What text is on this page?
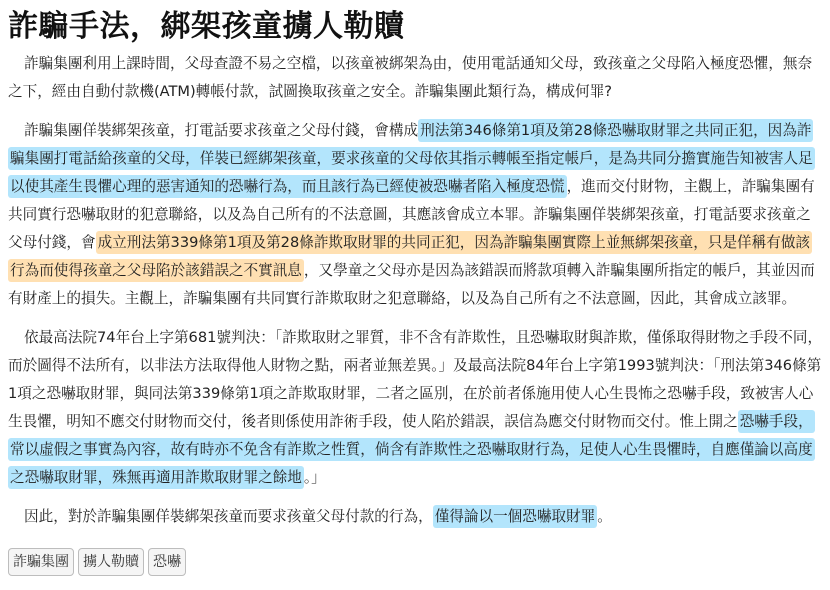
詐騙手法，綁架孩童擄人勒贖

詐騙集團利用上課時間，父母查證不易之空檔，以孩童被綁架為由，使用電話通知父母，致孩童之父母陷入極度恐懼，無奈之下，經由自動付款機(ATM)轉帳付款，試圖換取孩童之安全。詐騙集團此類行為，構成何罪?

詐騙集團佯裝綁架孩童，打電話要求孩童之父母付錢，會構成 刑法第346條第1項及第28條恐嚇取財罪之共同正犯，因為詐騙集團打電話給孩童的父母，佯裝已經綁架孩童，要求孩童的父母依其指示轉帳至指定帳戶，是為共同分擔實施告知被害人足以使其產生畏懼心理的惡害通知的恐嚇行為，而且該行為已經使被恐嚇者陷入極度恐慌 ，進而交付財物，主觀上，詐騙集團有共同實行恐嚇取財的犯意聯絡，以及為自己所有的不法意圖，其應該會成立本罪。詐騙集團佯裝綁架孩童，打電話要求孩童之父母付錢，會 成立刑法第339條第1項及第28條詐欺取財罪的共同正犯，因為詐騙集團實際上並無綁架孩童，只是佯稱有做該行為而使得孩童之父母陷於該錯誤之不實訊息 ，又學童之父母亦是因為該錯誤而將款項轉入詐騙集團所指定的帳戶，其並因而有財產上的損失。主觀上，詐騙集團有共同實行詐欺取財之犯意聯絡，以及為自己所有之不法意圖，因此，其會成立該罪。

依最高法院74年台上字第681號判決：「詐欺取財之罪質，非不含有詐欺性，且恐嚇取財與詐欺，僅係取得財物之手段不同，而於圖得不法所有，以非法方法取得他人財物之點，兩者並無差異。」及最高法院84年台上字第1993號判決：「刑法第346條第1項之恐嚇取財罪，與同法第339條第1項之詐欺取財罪，二者之區別，在於前者係施用使人心生畏怖之恐嚇手段，致被害人心生畏懼，明知不應交付財物而交付，後者則係使用詐術手段，使人陷於錯誤，誤信為應交付財物而交付。惟上開之 恐嚇手段，常以虛假之事實為內容，故有時亦不免含有詐欺之性質，倘含有詐欺性之恐嚇取財行為，足使人心生畏懼時，自應僅論以高度之恐嚇取財罪，殊無再適用詐欺取財罪之餘地 。」

因此，對於詐騙集團佯裝綁架孩童而要求孩童父母付款的行為， 僅得論以一個恐嚇取財罪 。

詐騙集團	擄人勒贖	恐嚇
